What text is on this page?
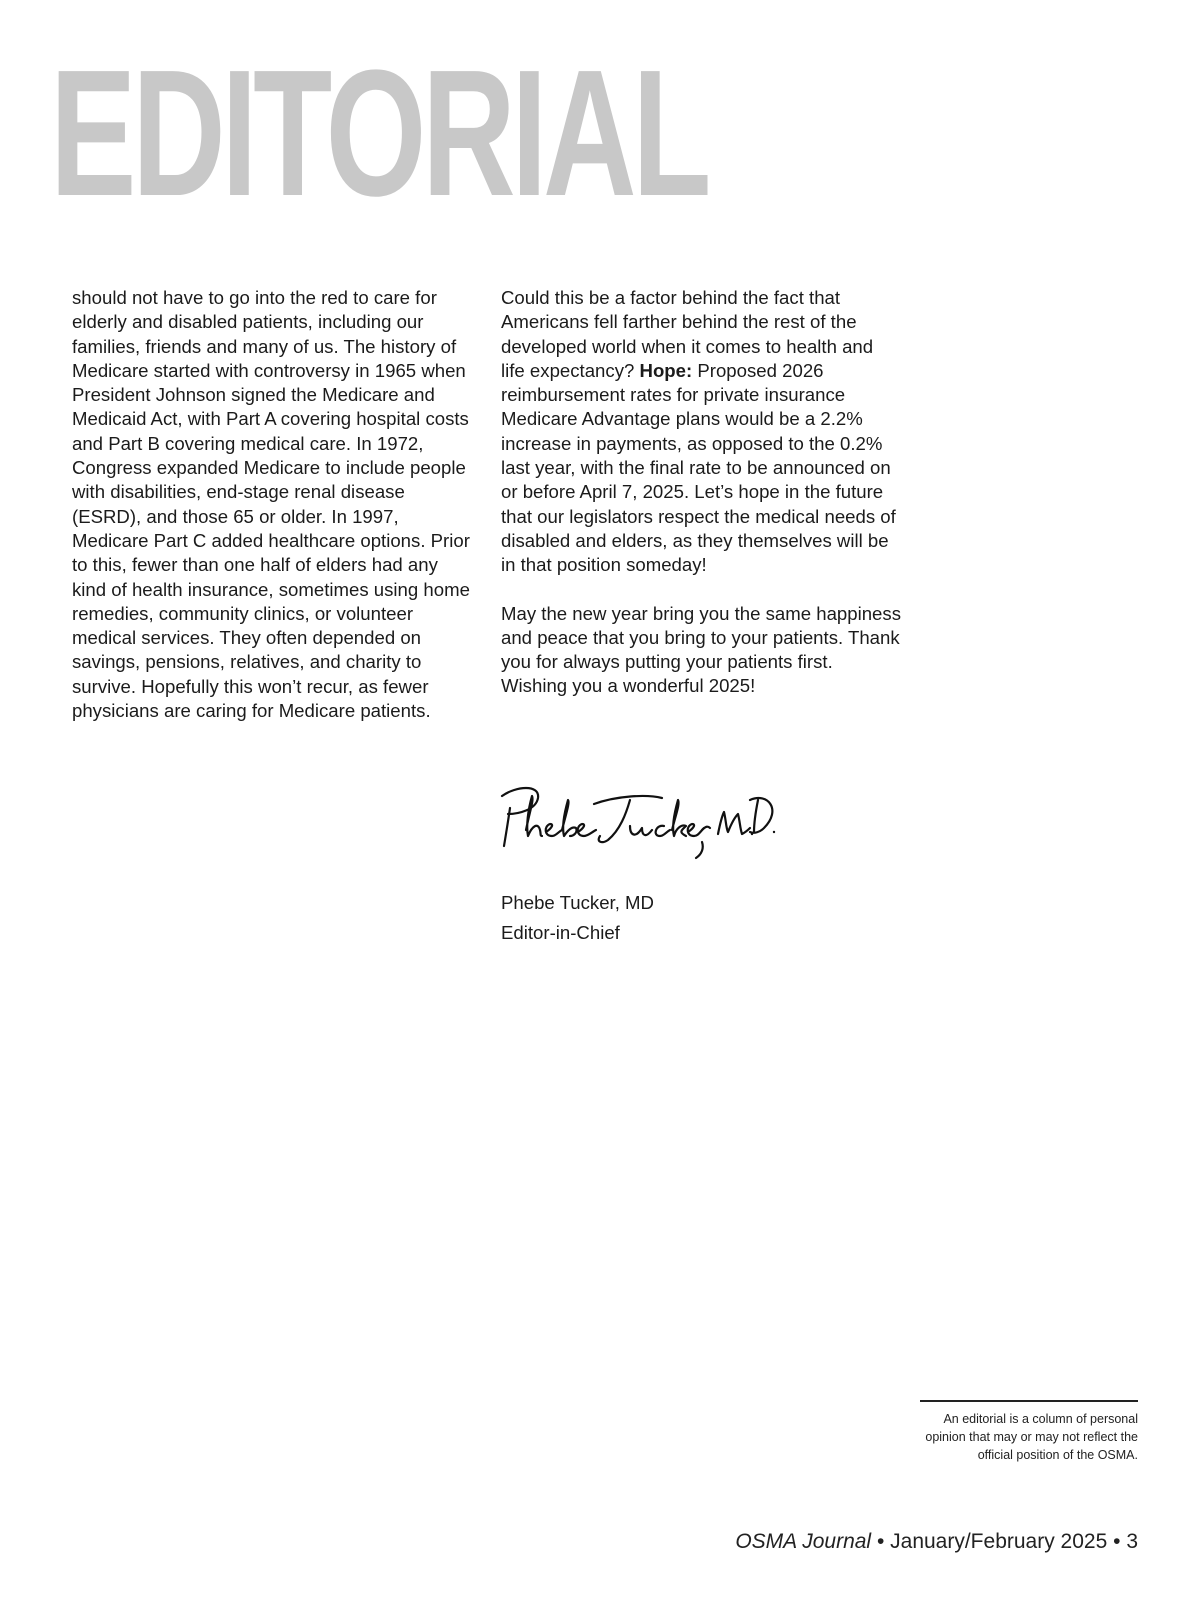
EDITORIAL

should not have to go into the red to care for elderly and disabled patients, including our families, friends and many of us. The history of Medicare started with controversy in 1965 when President Johnson signed the Medicare and Medicaid Act, with Part A covering hospital costs and Part B covering medical care. In 1972, Congress expanded Medicare to include people with disabilities, end-stage renal disease (ESRD), and those 65 or older. In 1997, Medicare Part C added healthcare options. Prior to this, fewer than one half of elders had any kind of health insurance, sometimes using home remedies, community clinics, or volunteer medical services. They often depended on savings, pensions, relatives, and charity to survive. Hopefully this won’t recur, as fewer physicians are caring for Medicare patients.

Could this be a factor behind the fact that Americans fell farther behind the rest of the developed world when it comes to health and life expectancy? Hope: Proposed 2026 reimbursement rates for private insurance Medicare Advantage plans would be a 2.2% increase in payments, as opposed to the 0.2% last year, with the final rate to be announced on or before April 7, 2025. Let’s hope in the future that our legislators respect the medical needs of disabled and elders, as they themselves will be in that position someday!

May the new year bring you the same happiness and peace that you bring to your patients. Thank you for always putting your patients first. Wishing you a wonderful 2025!

Phebe Tucker, MD
Editor-in-Chief
An editorial is a column of personal opinion that may or may not reflect the official position of the OSMA.
OSMA Journal • January/February 2025 • 3
